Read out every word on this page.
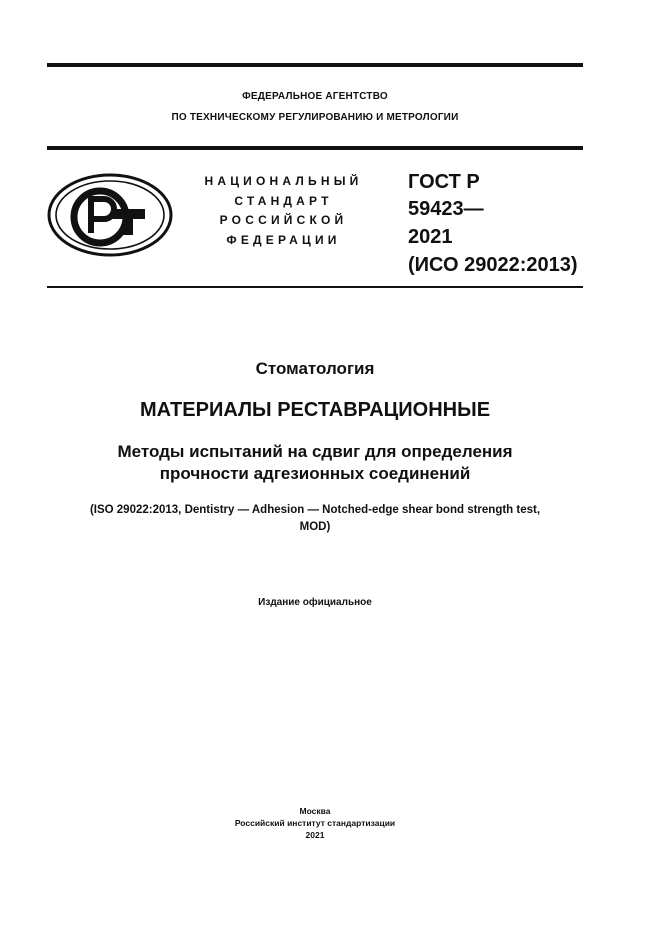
ФЕДЕРАЛЬНОЕ АГЕНТСТВО
ПО ТЕХНИЧЕСКОМУ РЕГУЛИРОВАНИЮ И МЕТРОЛОГИИ
НАЦИОНАЛЬНЫЙ
СТАНДАРТ
РОССИЙСКОЙ
ФЕДЕРАЦИИ
ГОСТ Р
59423—
2021
(ИСО 29022:2013)
Стоматология
МАТЕРИАЛЫ РЕСТАВРАЦИОННЫЕ
Методы испытаний на сдвиг для определения
прочности адгезионных соединений
(ISO 29022:2013, Dentistry — Adhesion — Notched-edge shear bond strength test,
MOD)
Издание официальное
Москва
Российский институт стандартизации
2021
